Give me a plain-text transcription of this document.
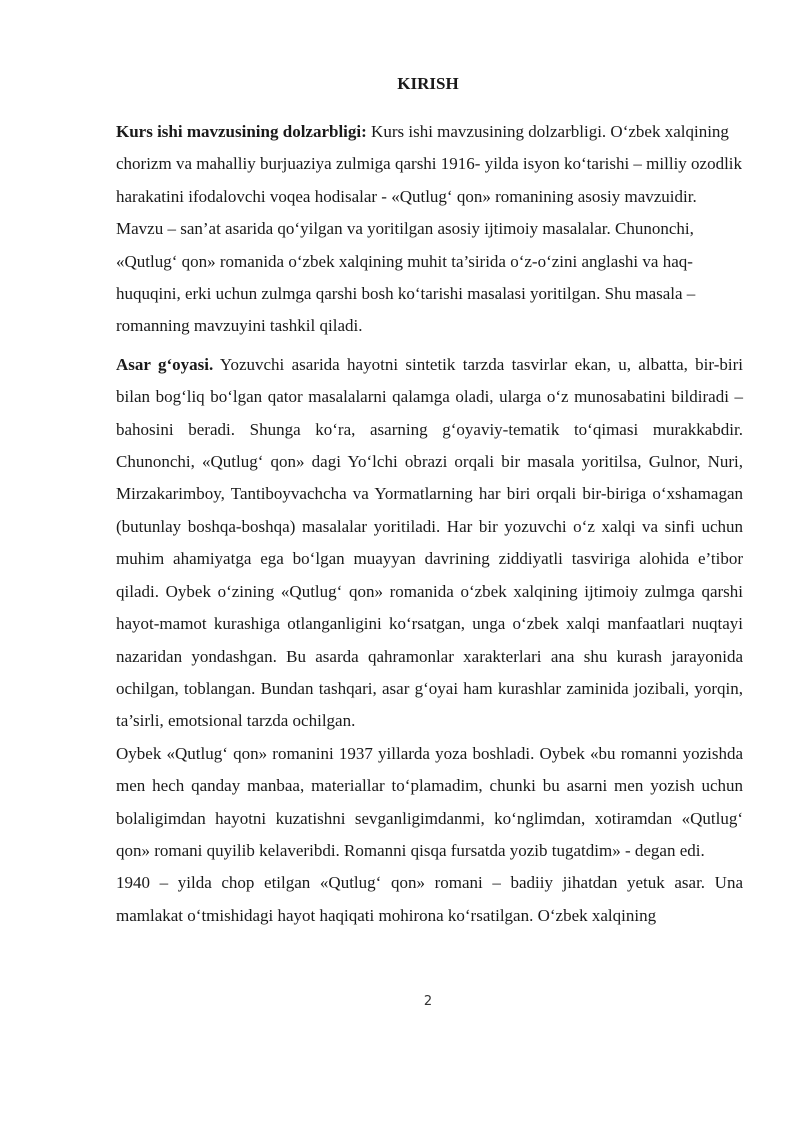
KIRISH

Kurs ishi mavzusining dolzarbligi: Kurs ishi mavzusining dolzarbligi. O‘zbek xalqining chorizm va mahalliy burjuaziya zulmiga qarshi 1916- yilda isyon ko‘tarishi – milliy ozodlik harakatini ifodalovchi voqea hodisalar - «Qutlug‘ qon» romanining asosiy mavzuidir. Mavzu – san’at asarida qo‘yilgan va yoritilgan asosiy ijtimoiy masalalar. Chunonchi, «Qutlug‘ qon» romanida o‘zbek xalqining muhit ta’sirida o‘z-o‘zini anglashi va haq-huquqini, erki uchun zulmga qarshi bosh ko‘tarishi masalasi yoritilgan. Shu masala – romanning mavzuyini tashkil qiladi.

Asar g‘oyasi. Yozuvchi asarida hayotni sintetik tarzda tasvirlar ekan, u, albatta, bir-biri bilan bog‘liq bo‘lgan qator masalalarni qalamga oladi, ularga o‘z munosabatini bildiradi – bahosini beradi. Shunga ko‘ra, asarning g‘oyaviy-tematik to‘qimasi murakkabdir. Chunonchi, «Qutlug‘ qon» dagi Yo‘lchi obrazi orqali bir masala yoritilsa, Gulnor, Nuri, Mirzakarimboy, Tantiboyvachcha va Yormatlarning har biri orqali bir-biriga o‘xshamagan (butunlay boshqa-boshqa) masalalar yoritiladi. Har bir yozuvchi o‘z xalqi va sinfi uchun muhim ahamiyatga ega bo‘lgan muayyan davrining ziddiyatli tasviriga alohida e’tibor qiladi. Oybek o‘zining «Qutlug‘ qon» romanida o‘zbek xalqining ijtimoiy zulmga qarshi hayot-mamot kurashiga otlanganligini ko‘rsatgan, unga o‘zbek xalqi manfaatlari nuqtayi nazaridan yondashgan. Bu asarda qahramonlar xarakterlari ana shu kurash jarayonida ochilgan, toblangan. Bundan tashqari, asar g‘oyai ham kurashlar zaminida jozibali, yorqin, ta’sirli, emotsional tarzda ochilgan.

Oybek «Qutlug‘ qon» romanini 1937 yillarda yoza boshladi. Oybek «bu romanni yozishda men hech qanday manbaa, materiallar to‘plamadim, chunki bu asarni men yozish uchun bolaligimdan hayotni kuzatishni sevganligimdanmi, ko‘nglimdan, xotiramdan «Qutlug‘ qon» romani quyilib kelaveribdi. Romanni qisqa fursatda yozib tugatdim» - degan edi.

1940 – yilda chop etilgan «Qutlug‘ qon» romani – badiiy jihatdan yetuk asar. Una mamlakat o‘tmishidagi hayot haqiqati mohirona ko‘rsatilgan. O‘zbek xalqining

2
